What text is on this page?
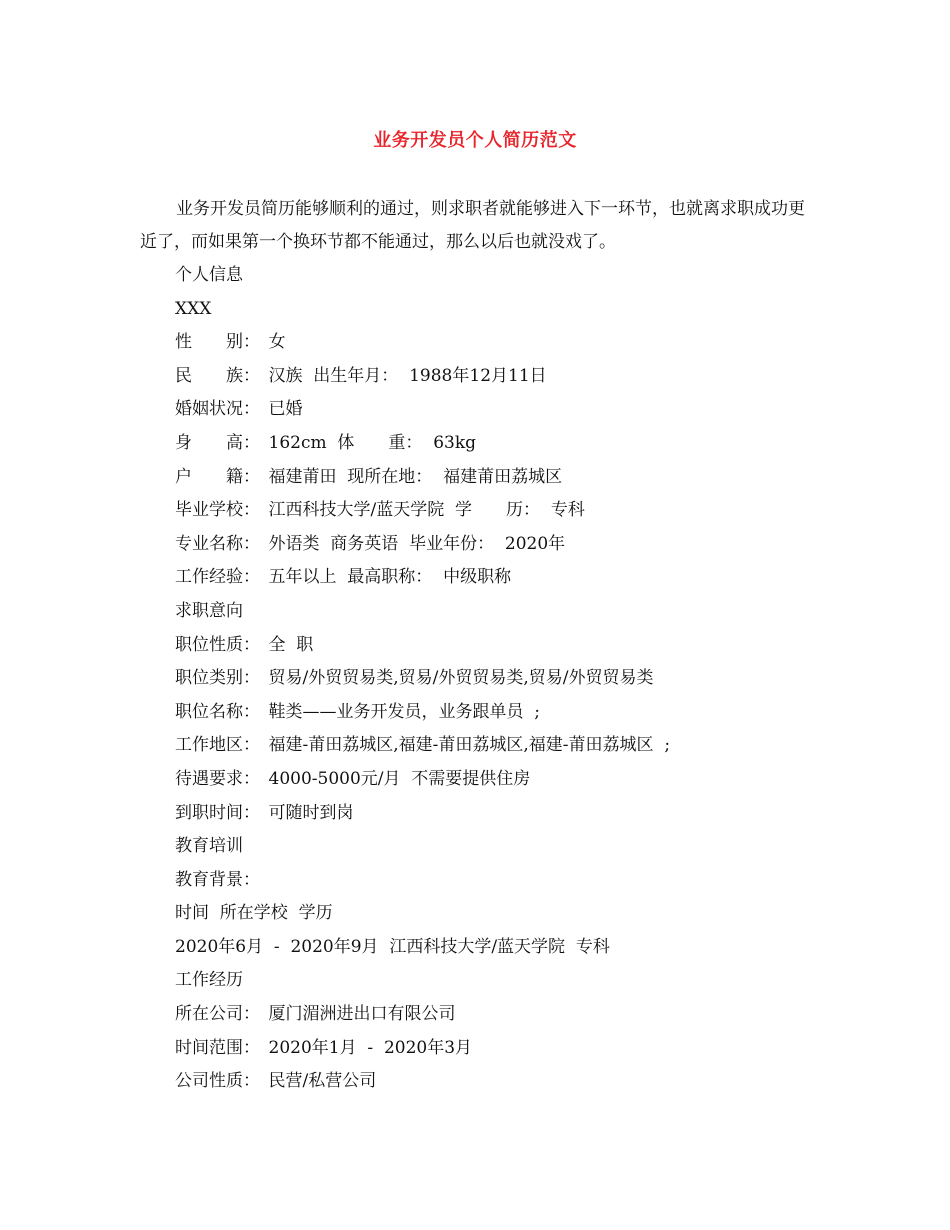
业务开发员个人简历范文
业务开发员简历能够顺利的通过，则求职者就能够进入下一环节，也就离求职成功更近了，而如果第一个换环节都不能通过，那么以后也就没戏了。
个人信息
XXX
性　　别：　女
民　　族：　汉族  出生年月：  1988年12月11日
婚姻状况：　已婚
身　　高：　162cm  体　　重：  63kg
户　　籍：　福建莆田  现所在地：  福建莆田荔城区
毕业学校：　江西科技大学/蓝天学院  学　　历：  专科
专业名称：　外语类  商务英语  毕业年份：  2020年
工作经验：　五年以上  最高职称：  中级职称
求职意向
职位性质：　全  职
职位类别：　贸易/外贸贸易类,贸易/外贸贸易类,贸易/外贸贸易类
职位名称：　鞋类——业务开发员，业务跟单员  ;
工作地区：　福建-莆田荔城区,福建-莆田荔城区,福建-莆田荔城区  ;
待遇要求：　4000-5000元/月  不需要提供住房
到职时间：　可随时到岗
教育培训
教育背景：
时间  所在学校  学历
2020年6月  -  2020年9月  江西科技大学/蓝天学院  专科
工作经历
所在公司：　厦门湄洲进出口有限公司
时间范围：　2020年1月  -  2020年3月
公司性质：　民营/私营公司
